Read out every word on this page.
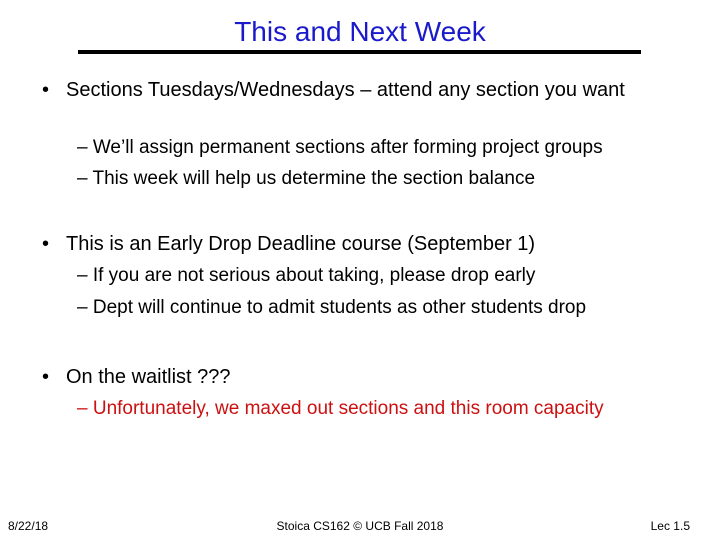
This and Next Week
• Sections Tuesdays/Wednesdays – attend any section you want
– We’ll assign permanent sections after forming project groups
– This week will help us determine the section balance
• This is an Early Drop Deadline course (September 1)
– If you are not serious about taking, please drop early
– Dept will continue to admit students as other students drop
• On the waitlist ???
– Unfortunately, we maxed out sections and this room capacity
8/22/18	Stoica CS162 © UCB Fall 2018	Lec 1.5
